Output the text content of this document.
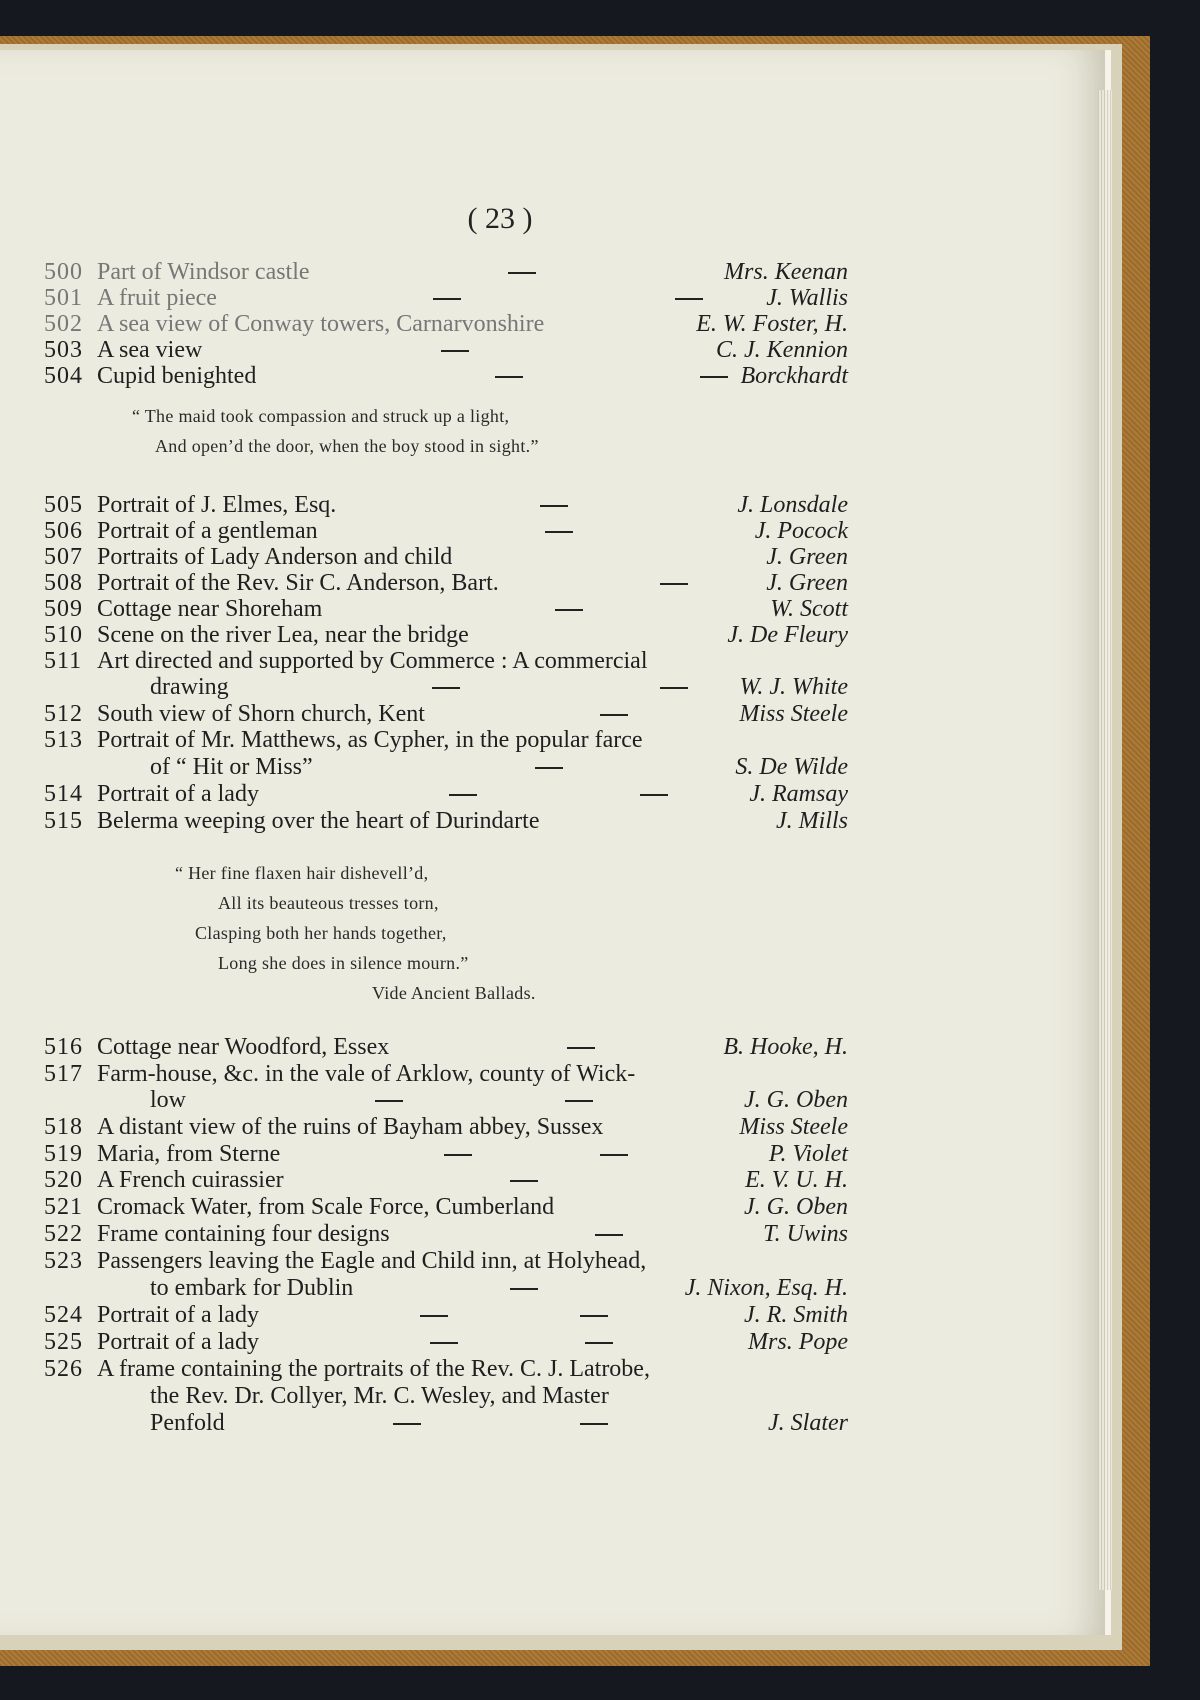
( 23 )
500 Part of Windsor castle	Mrs. Keenan
501 A fruit piece	J. Wallis
502 A sea view of Conway towers, Carnarvonshire	E. W. Foster, H.
503 A sea view	C. J. Kennion
504 Cupid benighted	Borckhardt
“ The maid took compassion and struck up a light,
And open’d the door, when the boy stood in sight.”
505 Portrait of J. Elmes, Esq.	J. Lonsdale
506 Portrait of a gentleman	J. Pocock
507 Portraits of Lady Anderson and child	J. Green
508 Portrait of the Rev. Sir C. Anderson, Bart.	J. Green
509 Cottage near Shoreham	W. Scott
510 Scene on the river Lea, near the bridge	J. De Fleury
511 Art directed and supported by Commerce : A commercial
drawing	W. J. White
512 South view of Shorn church, Kent	Miss Steele
513 Portrait of Mr. Matthews, as Cypher, in the popular farce
of “ Hit or Miss”	S. De Wilde
514 Portrait of a lady	J. Ramsay
515 Belerma weeping over the heart of Durindarte	J. Mills
“ Her fine flaxen hair dishevell’d,
All its beauteous tresses torn,
Clasping both her hands together,
Long she does in silence mourn.”
Vide Ancient Ballads.
516 Cottage near Woodford, Essex	B. Hooke, H.
517 Farm-house, &c. in the vale of Arklow, county of Wick-
low	J. G. Oben
518 A distant view of the ruins of Bayham abbey, Sussex	Miss Steele
519 Maria, from Sterne	P. Violet
520 A French cuirassier	E. V. U. H.
521 Cromack Water, from Scale Force, Cumberland	J. G. Oben
522 Frame containing four designs	T. Uwins
523 Passengers leaving the Eagle and Child inn, at Holyhead,
to embark for Dublin	J. Nixon, Esq. H.
524 Portrait of a lady	J. R. Smith
525 Portrait of a lady	Mrs. Pope
526 A frame containing the portraits of the Rev. C. J. Latrobe,
the Rev. Dr. Collyer, Mr. C. Wesley, and Master
Penfold	J. Slater
